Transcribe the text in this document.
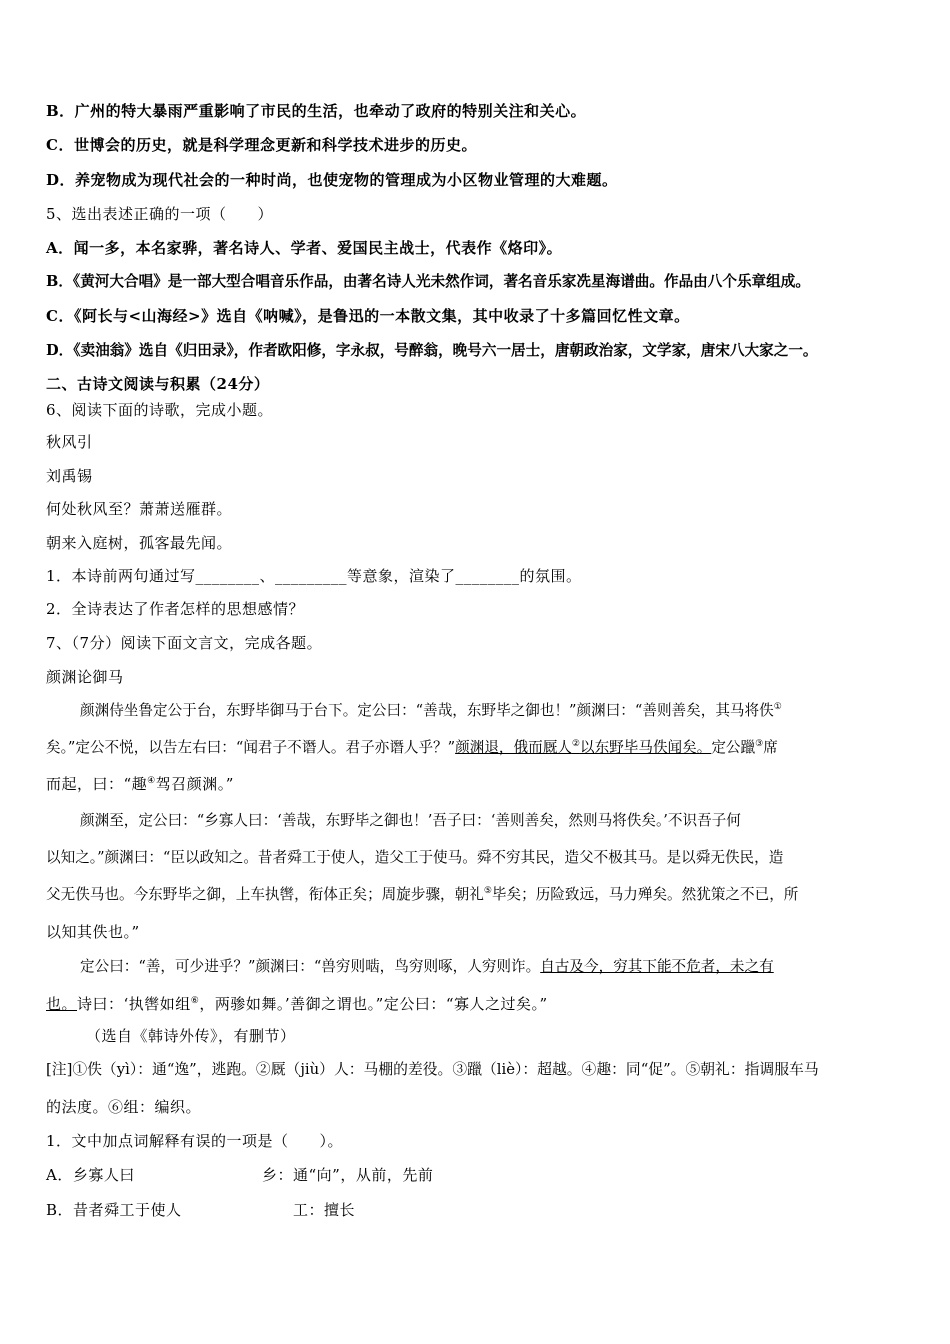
B．广州的特大暴雨严重影响了市民的生活，也牵动了政府的特别关注和关心。
C．世博会的历史，就是科学理念更新和科学技术进步的历史。
D．养宠物成为现代社会的一种时尚，也使宠物的管理成为小区物业管理的大难题。
5、选出表述正确的一项（　　）
A．闻一多，本名家骅，著名诗人、学者、爱国民主战士，代表作《烙印》。
B．《黄河大合唱》是一部大型合唱音乐作品，由著名诗人光未然作词，著名音乐家冼星海谱曲。作品由八个乐章组成。
C．《阿长与<山海经>》选自《呐喊》，是鲁迅的一本散文集，其中收录了十多篇回忆性文章。
D．《卖油翁》选自《归田录》，作者欧阳修，字永叔，号醉翁，晚号六一居士，唐朝政治家，文学家，唐宋八大家之一。
二、古诗文阅读与积累（24分）
6、阅读下面的诗歌，完成小题。
秋风引
刘禹锡
何处秋风至？萧萧送雁群。
朝来入庭树，孤客最先闻。
1．本诗前两句通过写________、_________等意象，渲染了________的氛围。
2．全诗表达了作者怎样的思想感情？
7、（7分）阅读下面文言文，完成各题。
颜渊论御马
颜渊侍坐鲁定公于台，东野毕御马于台下。定公曰：“善哉，东野毕之御也！”颜渊曰：“善则善矣，其马将佚①
矣。”定公不悦，以告左右曰：“闻君子不谮人。君子亦谮人乎？”颜渊退，俄而厩人②以东野毕马佚闻矣。定公躐③席
而起，曰：“趣④驾召颜渊。”
颜渊至，定公曰：“乡寡人曰：‘善哉，东野毕之御也！’吾子曰：‘善则善矣，然则马将佚矣。’不识吾子何
以知之。”颜渊曰：“臣以政知之。昔者舜工于使人，造父工于使马。舜不穷其民，造父不极其马。是以舜无佚民，造
父无佚马也。今东野毕之御，上车执辔，衔体正矣；周旋步骤，朝礼⑤毕矣；历险致远，马力殚矣。然犹策之不已，所
以知其佚也。”
定公曰：“善，可少进乎？”颜渊曰：“兽穷则啮，鸟穷则啄，人穷则诈。自古及今，穷其下能不危者，未之有
也。诗曰：‘执辔如组⑥，两骖如舞。’善御之谓也。”定公曰：“寡人之过矣。”
（选自《韩诗外传》，有删节）
[注]①佚（yì）：通“逸”，逃跑。②厩（jiù）人：马棚的差役。③躐（liè）：超越。④趣：同“促”。⑤朝礼：指调服车马
的法度。⑥组：编织。
1．文中加点词解释有误的一项是（　　）。
A．乡寡人曰	乡：通“向”，从前，先前
B．昔者舜工于使人	工：擅长
